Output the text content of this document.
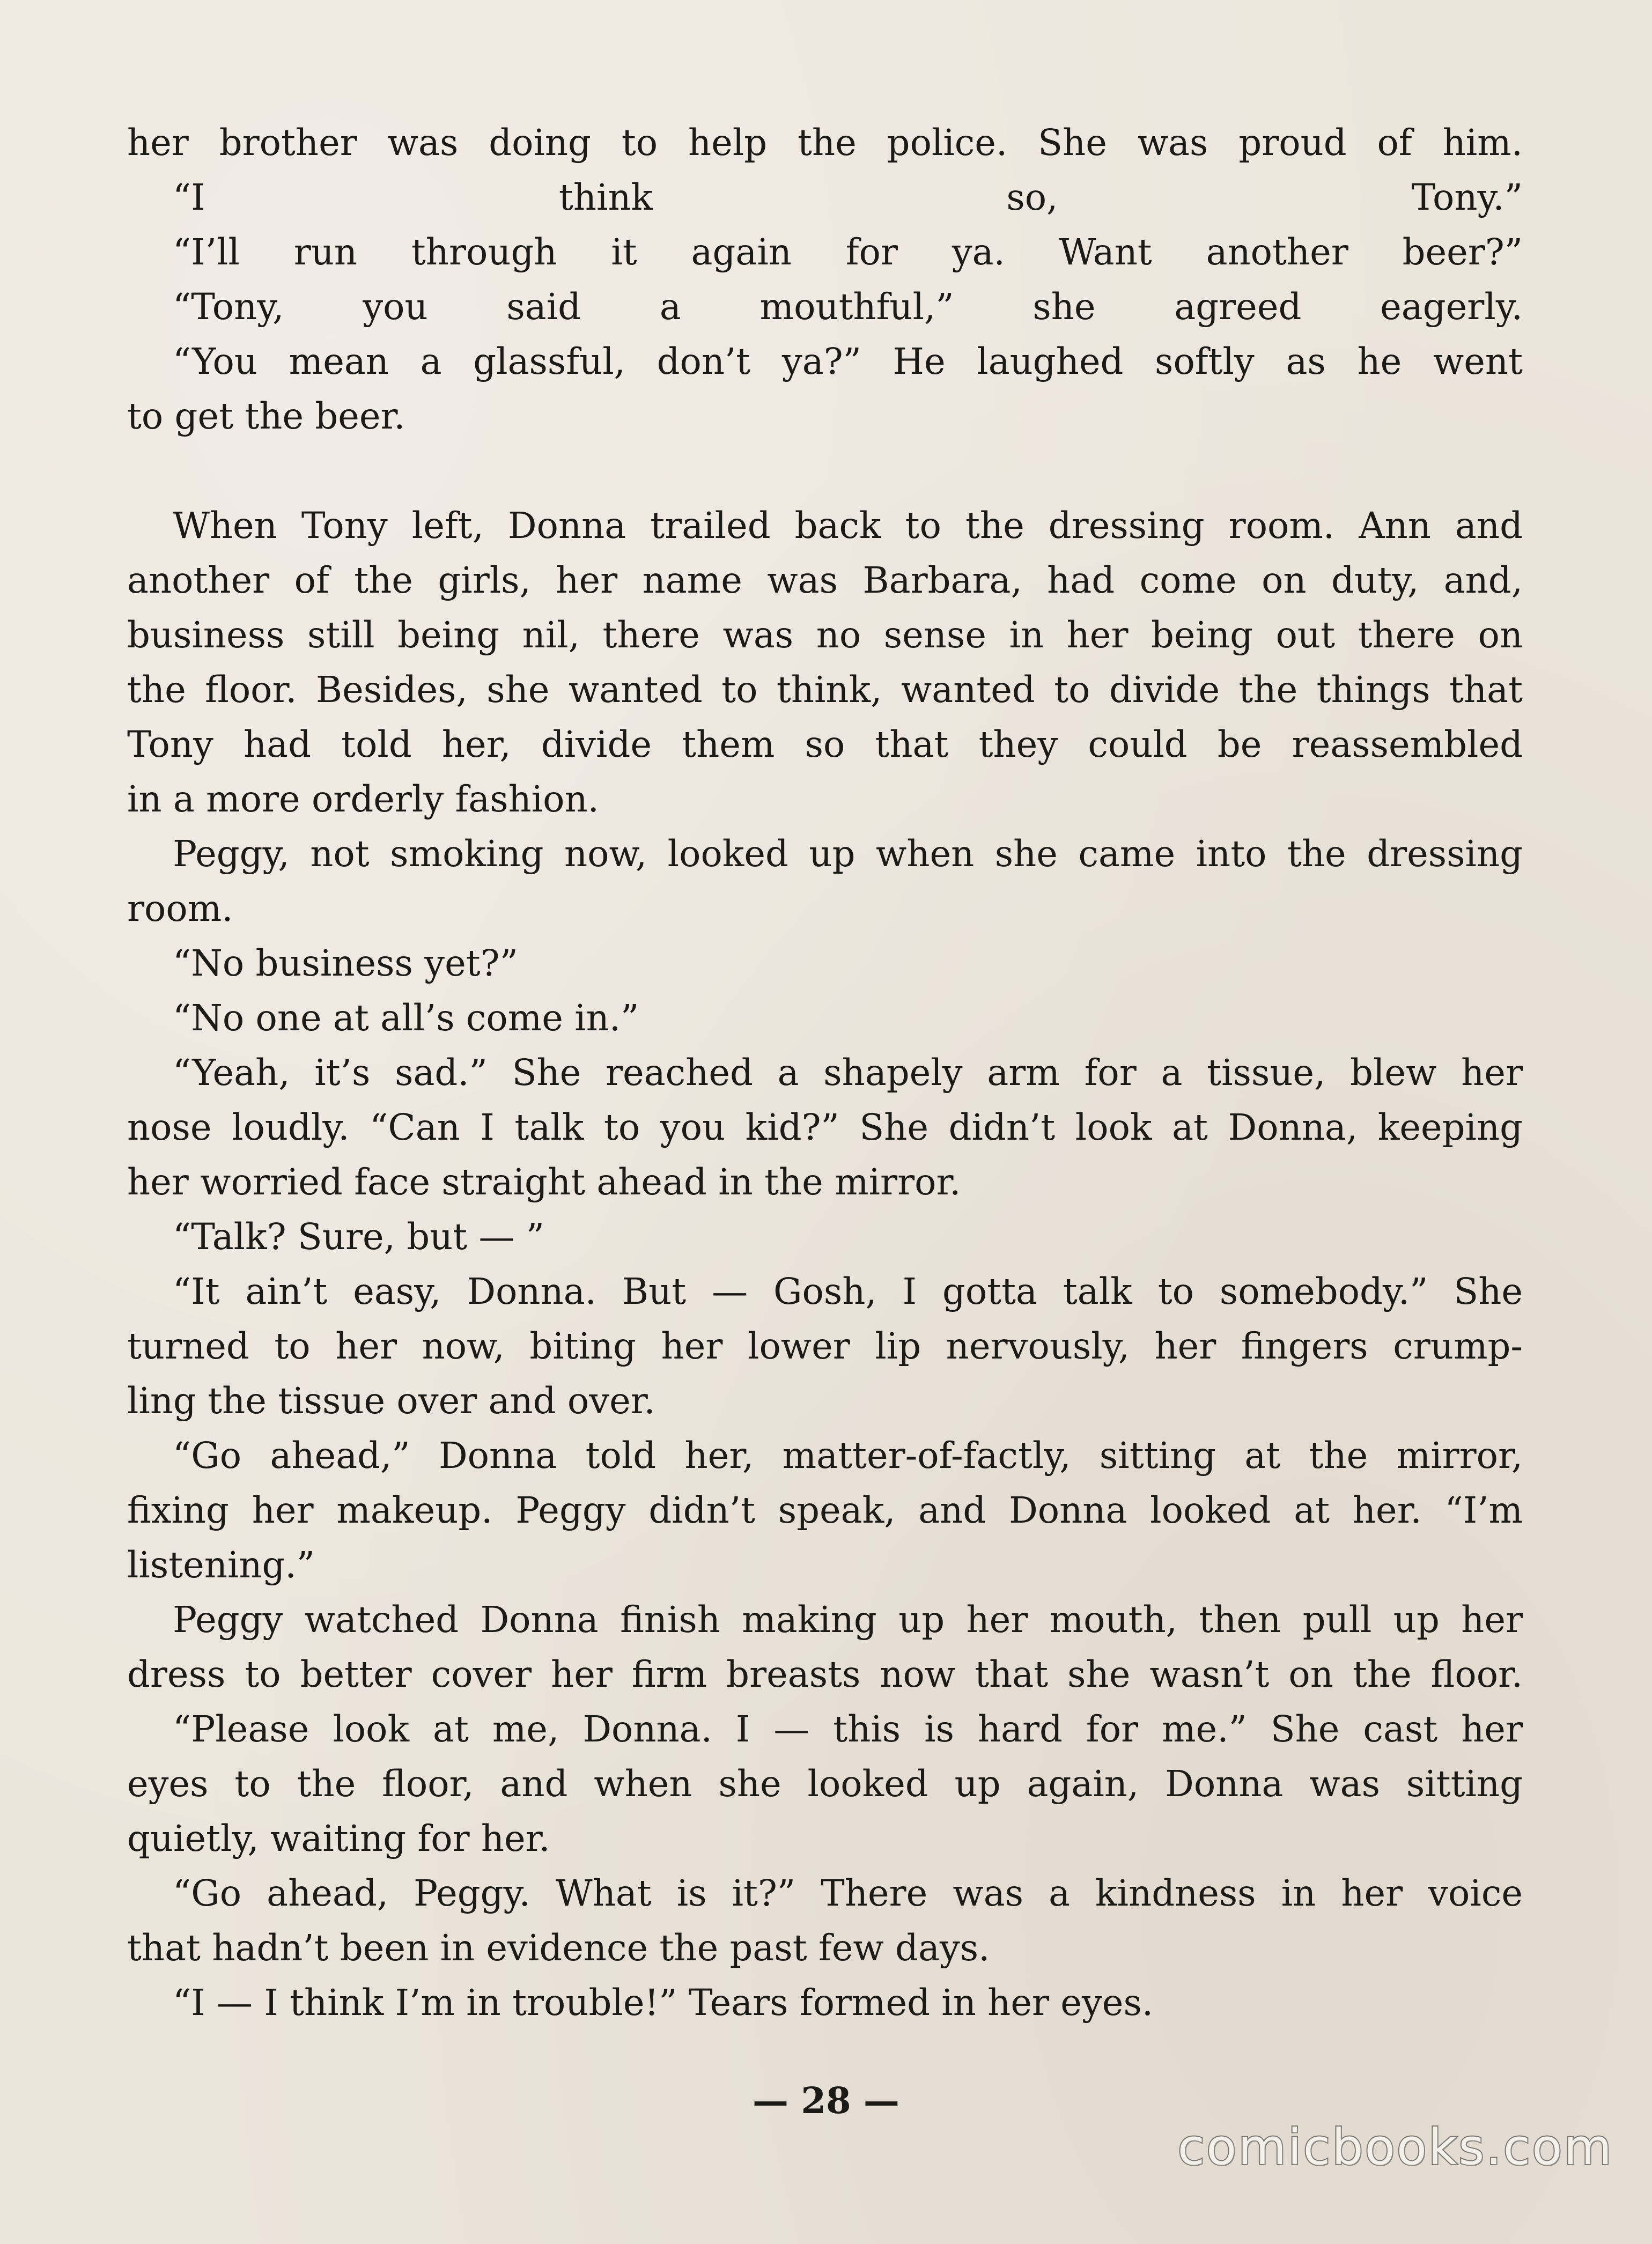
her brother was doing to help the police. She was proud of him.
“I think so, Tony.”
“I’ll run through it again for ya. Want another beer?”
“Tony, you said a mouthful,” she agreed eagerly.
“You mean a glassful, don’t ya?” He laughed softly as he went
to get the beer.
When Tony left, Donna trailed back to the dressing room. Ann and
another of the girls, her name was Barbara, had come on duty, and,
business still being nil, there was no sense in her being out there on
the floor. Besides, she wanted to think, wanted to divide the things that
Tony had told her, divide them so that they could be reassembled
in a more orderly fashion.
Peggy, not smoking now, looked up when she came into the dressing
room.
“No business yet?”
“No one at all’s come in.”
“Yeah, it’s sad.” She reached a shapely arm for a tissue, blew her
nose loudly. “Can I talk to you kid?” She didn’t look at Donna, keeping
her worried face straight ahead in the mirror.
“Talk? Sure, but — ”
“It ain’t easy, Donna. But — Gosh, I gotta talk to somebody.” She
turned to her now, biting her lower lip nervously, her fingers crump-
ling the tissue over and over.
“Go ahead,” Donna told her, matter-of-factly, sitting at the mirror,
fixing her makeup. Peggy didn’t speak, and Donna looked at her. “I’m
listening.”
Peggy watched Donna finish making up her mouth, then pull up her
dress to better cover her firm breasts now that she wasn’t on the floor.
“Please look at me, Donna. I — this is hard for me.” She cast her
eyes to the floor, and when she looked up again, Donna was sitting
quietly, waiting for her.
“Go ahead, Peggy. What is it?” There was a kindness in her voice
that hadn’t been in evidence the past few days.
“I — I think I’m in trouble!” Tears formed in her eyes.
— 28 —
comicbooks.com
